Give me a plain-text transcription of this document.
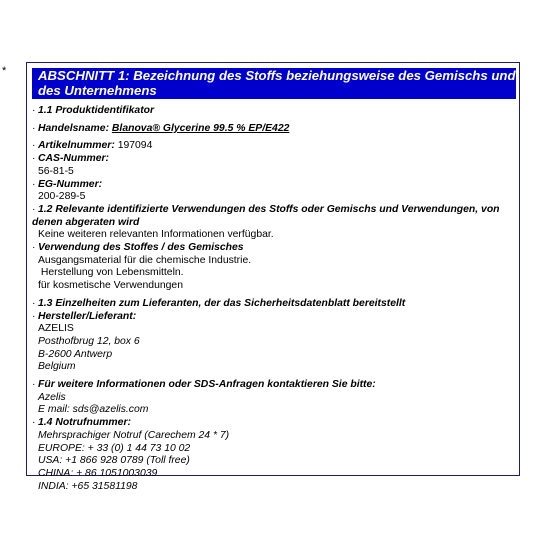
*	ABSCHNITT 1: Bezeichnung des Stoffs beziehungsweise des Gemischs und des Unternehmens
· 1.1 Produktidentifikator
· Handelsname: Blanova® Glycerine 99.5 % EP/E422
· Artikelnummer: 197094
· CAS-Nummer:
56-81-5
· EG-Nummer:
200-289-5
· 1.2 Relevante identifizierte Verwendungen des Stoffs oder Gemischs und Verwendungen, von denen abgeraten wird
Keine weiteren relevanten Informationen verfügbar.
· Verwendung des Stoffes / des Gemisches
Ausgangsmaterial für die chemische Industrie.
Herstellung von Lebensmitteln.
für kosmetische Verwendungen
· 1.3 Einzelheiten zum Lieferanten, der das Sicherheitsdatenblatt bereitstellt
· Hersteller/Lieferant:
AZELIS
Posthofbrug 12, box 6
B-2600 Antwerp
Belgium
· Für weitere Informationen oder SDS-Anfragen kontaktieren Sie bitte:
Azelis
E mail: sds@azelis.com
· 1.4 Notrufnummer:
Mehrsprachiger Notruf (Carechem 24 * 7)
EUROPE: + 33 (0) 1 44 73 10 02
USA: +1 866 928 0789 (Toll free)
CHINA: + 86 1051003039
INDIA: +65 31581198
